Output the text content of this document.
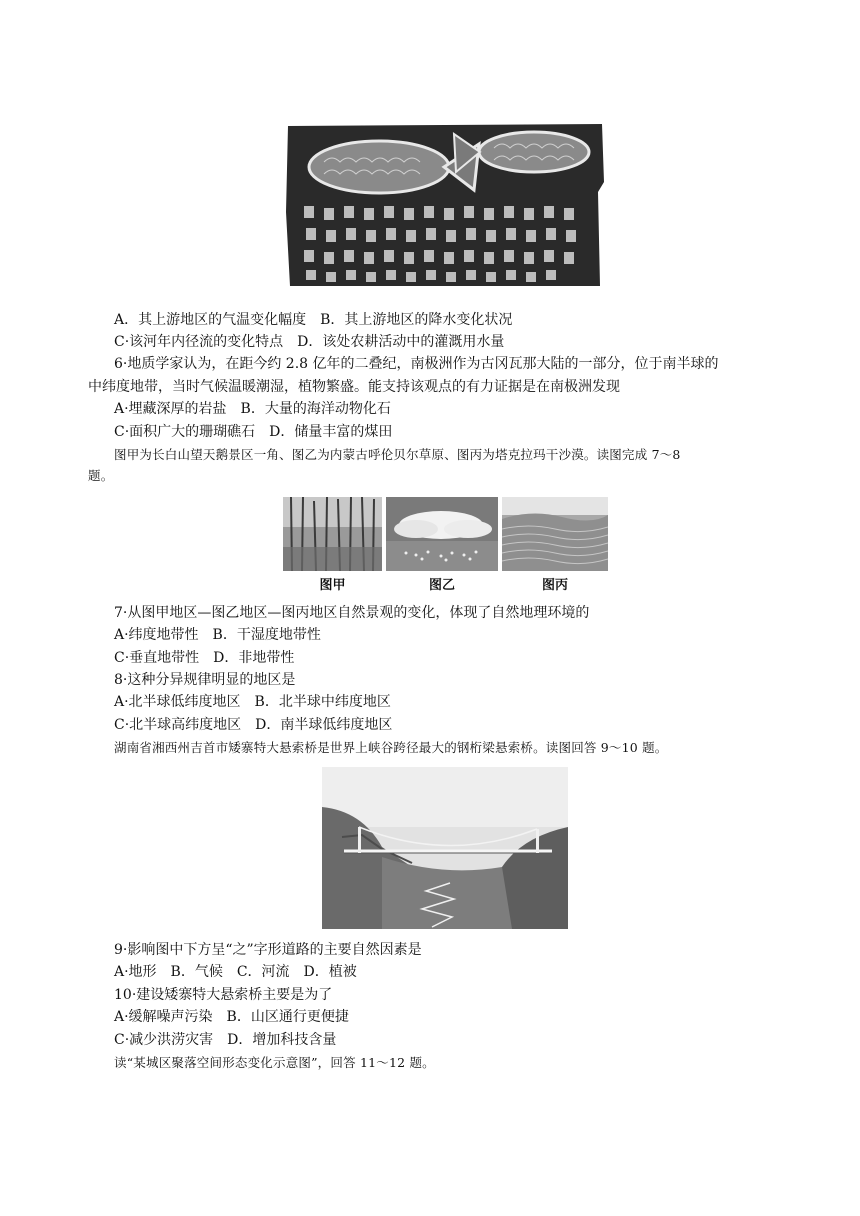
A．其上游地区的气温变化幅度　B．其上游地区的降水变化状况
C·该河年内径流的变化特点　D．该处农耕活动中的灌溉用水量
6·地质学家认为，在距今约 2.8 亿年的二叠纪，南极洲作为古冈瓦那大陆的一部分，位于南半球的
中纬度地带，当时气候温暖潮湿，植物繁盛。能支持该观点的有力证据是在南极洲发现
A·埋藏深厚的岩盐　B．大量的海洋动物化石
C·面积广大的珊瑚礁石　D．储量丰富的煤田
图甲为长白山望天鹅景区一角、图乙为内蒙古呼伦贝尔草原、图丙为塔克拉玛干沙漠。读图完成 7～8
题。
图甲	图乙	图丙
7·从图甲地区—图乙地区—图丙地区自然景观的变化，体现了自然地理环境的
A·纬度地带性　B．干湿度地带性
C·垂直地带性　D．非地带性
8·这种分异规律明显的地区是
A·北半球低纬度地区　B．北半球中纬度地区
C·北半球高纬度地区　D．南半球低纬度地区
湖南省湘西州吉首市矮寨特大悬索桥是世界上峡谷跨径最大的钢桁梁悬索桥。读图回答 9～10 题。
9·影响图中下方呈“之”字形道路的主要自然因素是
A·地形　B．气候　C．河流　D．植被
10·建设矮寨特大悬索桥主要是为了
A·缓解噪声污染　B．山区通行更便捷
C·减少洪涝灾害　D．增加科技含量
读“某城区聚落空间形态变化示意图”，回答 11～12 题。
